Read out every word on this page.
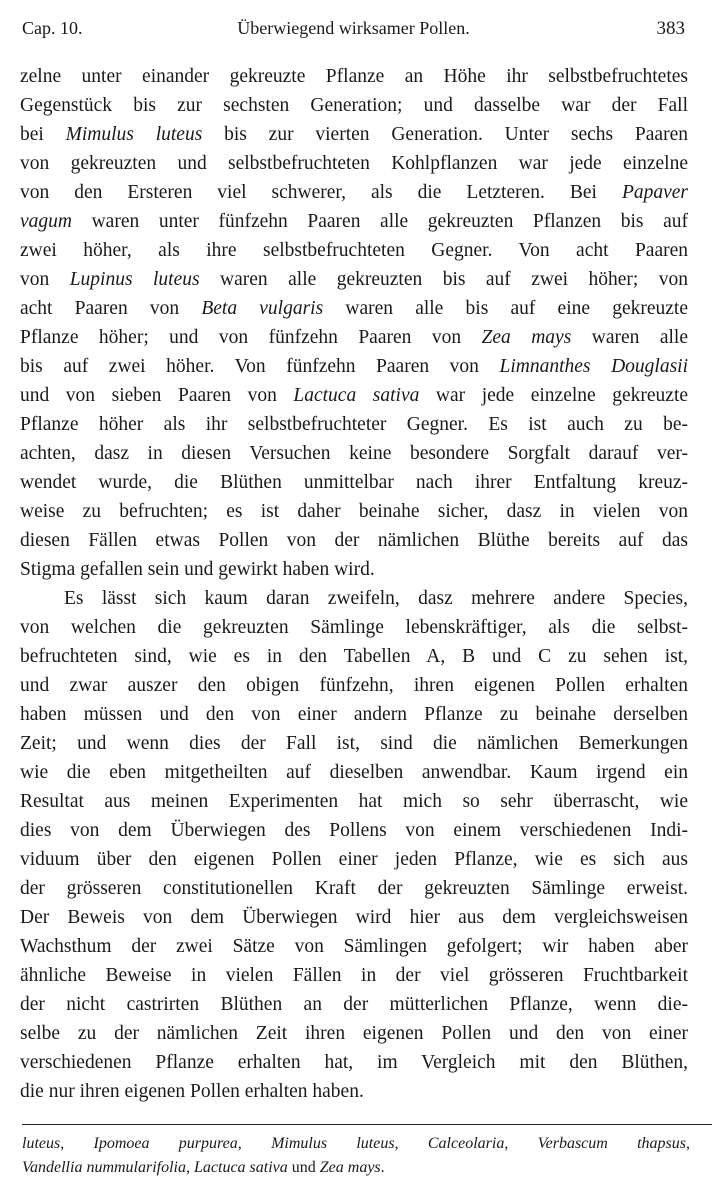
Cap. 10.	Überwiegend wirksamer Pollen.	383
zelne unter einander gekreuzte Pflanze an Höhe ihr selbstbefruchtetes
Gegenstück bis zur sechsten Generation; und dasselbe war der Fall
bei Mimulus luteus bis zur vierten Generation. Unter sechs Paaren
von gekreuzten und selbstbefruchteten Kohlpflanzen war jede einzelne
von den Ersteren viel schwerer, als die Letzteren. Bei Papaver
vagum waren unter fünfzehn Paaren alle gekreuzten Pflanzen bis auf
zwei höher, als ihre selbstbefruchteten Gegner. Von acht Paaren
von Lupinus luteus waren alle gekreuzten bis auf zwei höher; von
acht Paaren von Beta vulgaris waren alle bis auf eine gekreuzte
Pflanze höher; und von fünfzehn Paaren von Zea mays waren alle
bis auf zwei höher. Von fünfzehn Paaren von Limnanthes Douglasii
und von sieben Paaren von Lactuca sativa war jede einzelne gekreuzte
Pflanze höher als ihr selbstbefruchteter Gegner. Es ist auch zu be-
achten, dasz in diesen Versuchen keine besondere Sorgfalt darauf ver-
wendet wurde, die Blüthen unmittelbar nach ihrer Entfaltung kreuz-
weise zu befruchten; es ist daher beinahe sicher, dasz in vielen von
diesen Fällen etwas Pollen von der nämlichen Blüthe bereits auf das
Stigma gefallen sein und gewirkt haben wird.
Es lässt sich kaum daran zweifeln, dasz mehrere andere Species,
von welchen die gekreuzten Sämlinge lebenskräftiger, als die selbst-
befruchteten sind, wie es in den Tabellen A, B und C zu sehen ist,
und zwar auszer den obigen fünfzehn, ihren eigenen Pollen erhalten
haben müssen und den von einer andern Pflanze zu beinahe derselben
Zeit; und wenn dies der Fall ist, sind die nämlichen Bemerkungen
wie die eben mitgetheilten auf dieselben anwendbar. Kaum irgend ein
Resultat aus meinen Experimenten hat mich so sehr überrascht, wie
dies von dem Überwiegen des Pollens von einem verschiedenen Indi-
viduum über den eigenen Pollen einer jeden Pflanze, wie es sich aus
der grösseren constitutionellen Kraft der gekreuzten Sämlinge erweist.
Der Beweis von dem Überwiegen wird hier aus dem vergleichsweisen
Wachsthum der zwei Sätze von Sämlingen gefolgert; wir haben aber
ähnliche Beweise in vielen Fällen in der viel grösseren Fruchtbarkeit
der nicht castrirten Blüthen an der mütterlichen Pflanze, wenn die-
selbe zu der nämlichen Zeit ihren eigenen Pollen und den von einer
verschiedenen Pflanze erhalten hat, im Vergleich mit den Blüthen,
die nur ihren eigenen Pollen erhalten haben.
luteus, Ipomoea purpurea, Mimulus luteus, Calceolaria, Verbascum thapsus,
Vandellia nummularifolia, Lactuca sativa und Zea mays.
